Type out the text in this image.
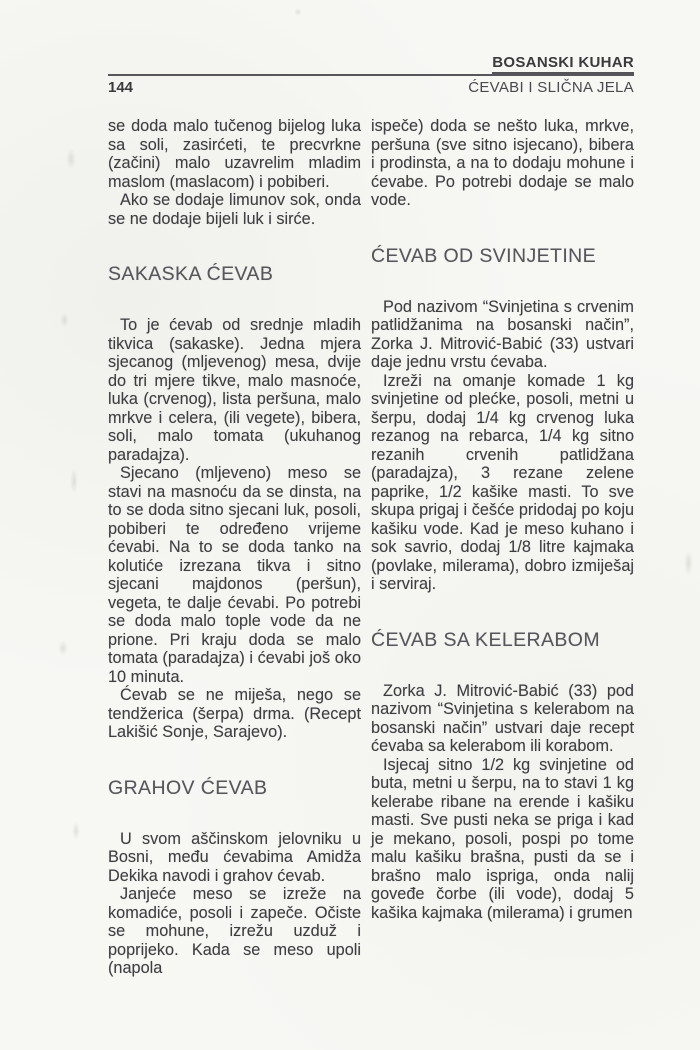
BOSANSKI KUHAR
144	ĆEVABI I SLIČNA JELA

se doda malo tučenog bijelog luka sa soli, zasirćeti, te precvrkne (začini) malo uzavrelim mladim maslom (maslacom) i pobiberi.

Ako se dodaje limunov sok, onda se ne dodaje bijeli luk i sirće.

SAKASKA ĆEVAB

To je ćevab od srednje mladih tikvica (sakaske). Jedna mjera sjecanog (mljevenog) mesa, dvije do tri mjere tikve, malo masnoće, luka (crvenog), lista peršuna, malo mrkve i celera, (ili vegete), bibera, soli, malo tomata (ukuhanog paradajza).

Sjecano (mljeveno) meso se stavi na masnoću da se dinsta, na to se doda sitno sjecani luk, posoli, pobiberi te određeno vrijeme ćevabi. Na to se doda tanko na kolutiće izrezana tikva i sitno sjecani majdonos (peršun), vegeta, te dalje ćevabi. Po potrebi se doda malo tople vode da ne prione. Pri kraju doda se malo tomata (paradajza) i ćevabi još oko 10 minuta.

Ćevab se ne miješa, nego se tendžerica (šerpa) drma. (Recept Lakišić Sonje, Sarajevo).

GRAHOV ĆEVAB

U svom aščinskom jelovniku u Bosni, među ćevabima Amidža Dekika navodi i grahov ćevab.

Janjeće meso se izreže na komadiće, posoli i zapeče. Očiste se mohune, izrežu uzduž i poprijeko. Kada se meso upoli (napola

ispeče) doda se nešto luka, mrkve, peršuna (sve sitno isjecano), bibera i prodinsta, a na to dodaju mohune i ćevabe. Po potrebi dodaje se malo vode.

ĆEVAB OD SVINJETINE

Pod nazivom “Svinjetina s crvenim patlidžanima na bosanski način”, Zorka J. Mitrović-Babić (33) ustvari daje jednu vrstu ćevaba.

Izreži na omanje komade 1 kg svinjetine od plećke, posoli, metni u šerpu, dodaj 1/4 kg crvenog luka rezanog na rebarca, 1/4 kg sitno rezanih crvenih patlidžana (paradajza), 3 rezane zelene paprike, 1/2 kašike masti. To sve skupa prigaj i češće pridodaj po koju kašiku vode. Kad je meso kuhano i sok savrio, dodaj 1/8 litre kajmaka (povlake, milerama), dobro izmiješaj i serviraj.

ĆEVAB SA KELERABOM

Zorka J. Mitrović-Babić (33) pod nazivom “Svinjetina s kelerabom na bosanski način” ustvari daje recept ćevaba sa kelerabom ili korabom.

Isjecaj sitno 1/2 kg svinjetine od buta, metni u šerpu, na to stavi 1 kg kelerabe ribane na erende i kašiku masti. Sve pusti neka se priga i kad je mekano, posoli, pospi po tome malu kašiku brašna, pusti da se i brašno malo ispriga, onda nalij goveđe čorbe (ili vode), dodaj 5 kašika kajmaka (milerama) i grumen
